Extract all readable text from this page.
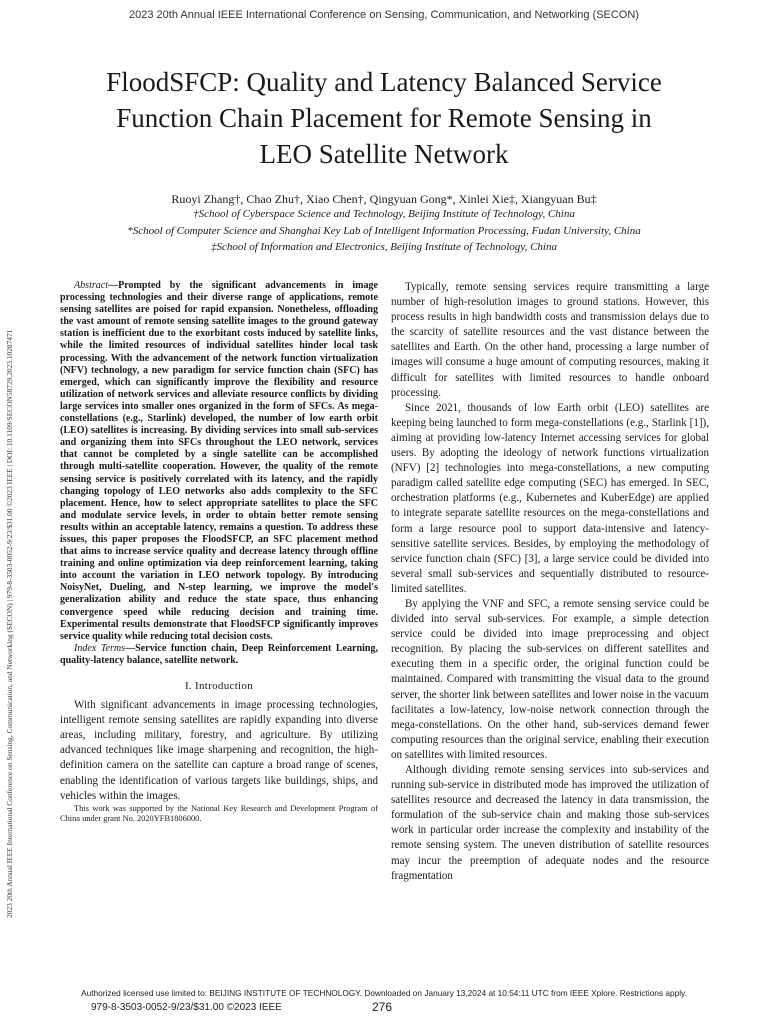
2023 20th Annual IEEE International Conference on Sensing, Communication, and Networking (SECON)
2023 20th Annual IEEE International Conference on Sensing, Communication, and Networking (SECON) | 979-8-3503-0052-9/23/$31.00 ©2023 IEEE | DOI: 10.1109/SECON58729.2023.10287471
FloodSFCP: Quality and Latency Balanced Service
Function Chain Placement for Remote Sensing in
LEO Satellite Network
Ruoyi Zhang†, Chao Zhu†, Xiao Chen†, Qingyuan Gong*, Xinlei Xie‡, Xiangyuan Bu‡
†School of Cyberspace Science and Technology, Beijing Institute of Technology, China
*School of Computer Science and Shanghai Key Lab of Intelligent Information Processing, Fudan University, China
‡School of Information and Electronics, Beijing Institute of Technology, China

Abstract—Prompted by the significant advancements in image processing technologies and their diverse range of applications, remote sensing satellites are poised for rapid expansion. Nonetheless, offloading the vast amount of remote sensing satellite images to the ground gateway station is inefficient due to the exorbitant costs induced by satellite links, while the limited resources of individual satellites hinder local task processing. With the advancement of the network function virtualization (NFV) technology, a new paradigm for service function chain (SFC) has emerged, which can significantly improve the flexibility and resource utilization of network services and alleviate resource conflicts by dividing large services into smaller ones organized in the form of SFCs. As mega-constellations (e.g., Starlink) developed, the number of low earth orbit (LEO) satellites is increasing. By dividing services into small sub-services and organizing them into SFCs throughout the LEO network, services that cannot be completed by a single satellite can be accomplished through multi-satellite cooperation. However, the quality of the remote sensing service is positively correlated with its latency, and the rapidly changing topology of LEO networks also adds complexity to the SFC placement. Hence, how to select appropriate satellites to place the SFC and modulate service levels, in order to obtain better remote sensing results within an acceptable latency, remains a question. To address these issues, this paper proposes the FloodSFCP, an SFC placement method that aims to increase service quality and decrease latency through offline training and online optimization via deep reinforcement learning, taking into account the variation in LEO network topology. By introducing NoisyNet, Dueling, and N-step learning, we improve the model's generalization ability and reduce the state space, thus enhancing convergence speed while reducing decision and training time. Experimental results demonstrate that FloodSFCP significantly improves service quality while reducing total decision costs.

Index Terms—Service function chain, Deep Reinforcement Learning, quality-latency balance, satellite network.

I. Introduction

With significant advancements in image processing technologies, intelligent remote sensing satellites are rapidly expanding into diverse areas, including military, forestry, and agriculture. By utilizing advanced techniques like image sharpening and recognition, the high-definition camera on the satellite can capture a broad range of scenes, enabling the identification of various targets like buildings, ships, and vehicles within the images.

This work was supported by the National Key Research and Development Program of China under grant No. 2020YFB1806000.

Typically, remote sensing services require transmitting a large number of high-resolution images to ground stations. However, this process results in high bandwidth costs and transmission delays due to the scarcity of satellite resources and the vast distance between the satellites and Earth. On the other hand, processing a large number of images will consume a huge amount of computing resources, making it difficult for satellites with limited resources to handle onboard processing.

Since 2021, thousands of low Earth orbit (LEO) satellites are keeping being launched to form mega-constellations (e.g., Starlink [1]), aiming at providing low-latency Internet accessing services for global users. By adopting the ideology of network functions virtualization (NFV) [2] technologies into mega-constellations, a new computing paradigm called satellite edge computing (SEC) has emerged. In SEC, orchestration platforms (e.g., Kubernetes and KuberEdge) are applied to integrate separate satellite resources on the mega-constellations and form a large resource pool to support data-intensive and latency-sensitive satellite services. Besides, by employing the methodology of service function chain (SFC) [3], a large service could be divided into several small sub-services and sequentially distributed to resource-limited satellites.

By applying the VNF and SFC, a remote sensing service could be divided into serval sub-services. For example, a simple detection service could be divided into image preprocessing and object recognition. By placing the sub-services on different satellites and executing them in a specific order, the original function could be maintained. Compared with transmitting the visual data to the ground server, the shorter link between satellites and lower noise in the vacuum facilitates a low-latency, low-noise network connection through the mega-constellations. On the other hand, sub-services demand fewer computing resources than the original service, enabling their execution on satellites with limited resources.

Although dividing remote sensing services into sub-services and running sub-service in distributed mode has improved the utilization of satellites resource and decreased the latency in data transmission, the formulation of the sub-service chain and making those sub-services work in particular order increase the complexity and instability of the remote sensing system. The uneven distribution of satellite resources may incur the preemption of adequate nodes and the resource fragmentation

Authorized licensed use limited to: BEIJING INSTITUTE OF TECHNOLOGY. Downloaded on January 13,2024 at 10:54:11 UTC from IEEE Xplore. Restrictions apply.
979-8-3503-0052-9/23/$31.00 ©2023 IEEE	276
